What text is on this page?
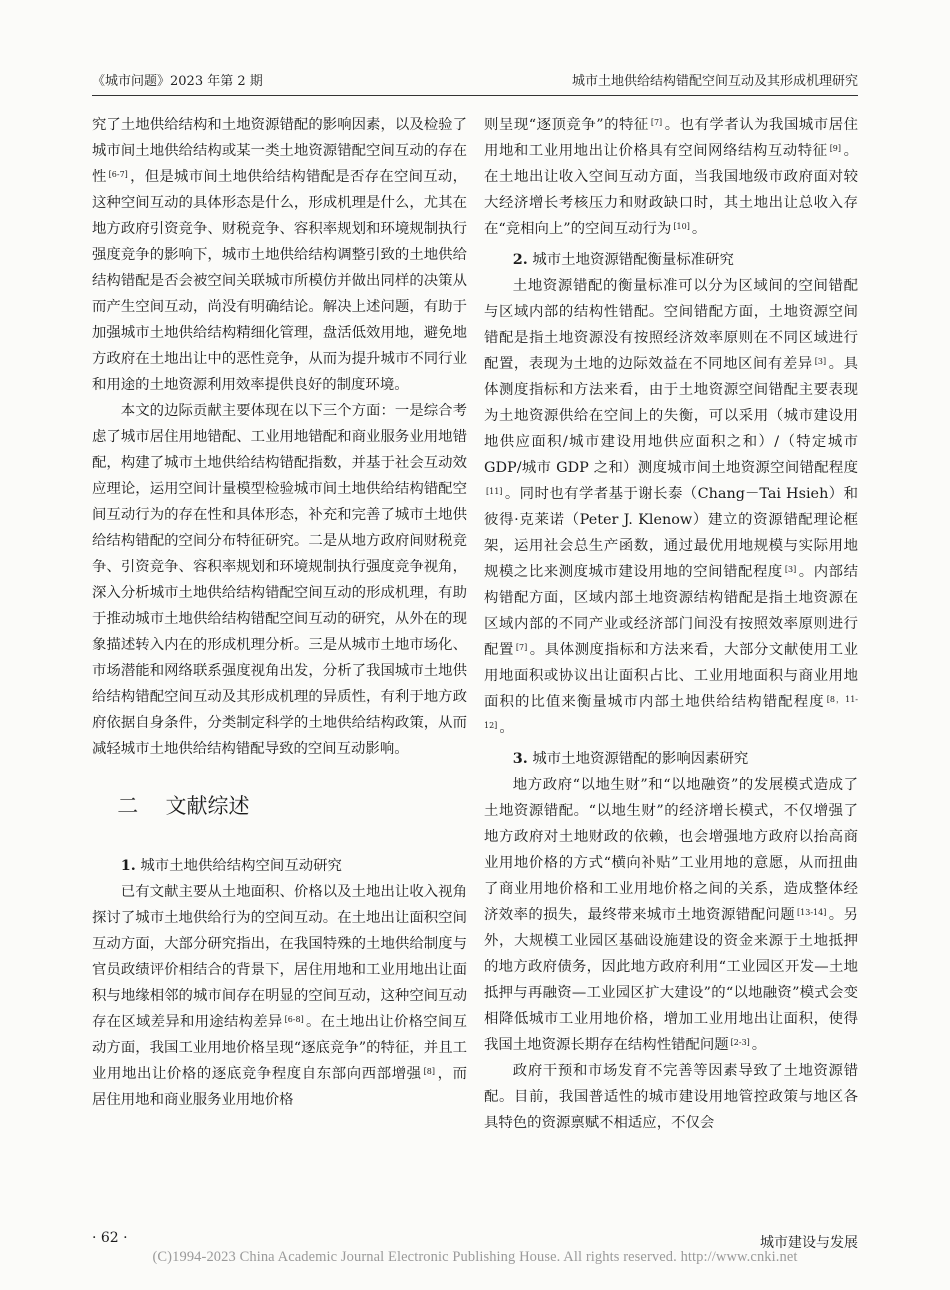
《城市问题》2023 年第 2 期	城市土地供给结构错配空间互动及其形成机理研究

究了土地供给结构和土地资源错配的影响因素，以及检验了城市间土地供给结构或某一类土地资源错配空间互动的存在性 [6-7] ，但是城市间土地供给结构错配是否存在空间互动，这种空间互动的具体形态是什么，形成机理是什么，尤其在地方政府引资竞争、财税竞争、容积率规划和环境规制执行强度竞争的影响下，城市土地供给结构调整引致的土地供给结构错配是否会被空间关联城市所模仿并做出同样的决策从而产生空间互动，尚没有明确结论。解决上述问题，有助于加强城市土地供给结构精细化管理，盘活低效用地，避免地方政府在土地出让中的恶性竞争，从而为提升城市不同行业和用途的土地资源利用效率提供良好的制度环境。

本文的边际贡献主要体现在以下三个方面：一是综合考虑了城市居住用地错配、工业用地错配和商业服务业用地错配，构建了城市土地供给结构错配指数，并基于社会互动效应理论，运用空间计量模型检验城市间土地供给结构错配空间互动行为的存在性和具体形态，补充和完善了城市土地供给结构错配的空间分布特征研究。二是从地方政府间财税竞争、引资竞争、容积率规划和环境规制执行强度竞争视角，深入分析城市土地供给结构错配空间互动的形成机理，有助于推动城市土地供给结构错配空间互动的研究，从外在的现象描述转入内在的形成机理分析。三是从城市土地市场化、市场潜能和网络联系强度视角出发，分析了我国城市土地供给结构错配空间互动及其形成机理的异质性，有利于地方政府依据自身条件，分类制定科学的土地供给结构政策，从而减轻城市土地供给结构错配导致的空间互动影响。

二 文献综述
1. 城市土地供给结构空间互动研究

已有文献主要从土地面积、价格以及土地出让收入视角探讨了城市土地供给行为的空间互动。在土地出让面积空间互动方面，大部分研究指出，在我国特殊的土地供给制度与官员政绩评价相结合的背景下，居住用地和工业用地出让面积与地缘相邻的城市间存在明显的空间互动，这种空间互动存在区域差异和用途结构差异 [6-8] 。在土地出让价格空间互动方面，我国工业用地价格呈现“逐底竞争”的特征，并且工业用地出让价格的逐底竞争程度自东部向西部增强 [8] ，而居住用地和商业服务业用地价格

则呈现“逐顶竞争”的特征 [7] 。也有学者认为我国城市居住用地和工业用地出让价格具有空间网络结构互动特征 [9] 。在土地出让收入空间互动方面，当我国地级市政府面对较大经济增长考核压力和财政缺口时，其土地出让总收入存在“竞相向上”的空间互动行为 [10] 。

2. 城市土地资源错配衡量标准研究

土地资源错配的衡量标准可以分为区域间的空间错配与区域内部的结构性错配。空间错配方面，土地资源空间错配是指土地资源没有按照经济效率原则在不同区域进行配置，表现为土地的边际效益在不同地区间有差异 [3] 。具体测度指标和方法来看，由于土地资源空间错配主要表现为土地资源供给在空间上的失衡，可以采用（城市建设用地供应面积/城市建设用地供应面积之和）/（特定城市GDP/城市 GDP 之和）测度城市间土地资源空间错配程度[11] 。同时也有学者基于谢长泰（Chang－Tai Hsieh）和彼得·克莱诺（Peter J. Klenow）建立的资源错配理论框架，运用社会总生产函数，通过最优用地规模与实际用地规模之比来测度城市建设用地的空间错配程度 [3] 。内部结构错配方面，区域内部土地资源结构错配是指土地资源在区域内部的不同产业或经济部门间没有按照效率原则进行配置 [7] 。具体测度指标和方法来看，大部分文献使用工业用地面积或协议出让面积占比、工业用地面积与商业用地面积的比值来衡量城市内部土地供给结构错配程度 [8，11-12] 。

3. 城市土地资源错配的影响因素研究

地方政府“以地生财”和“以地融资”的发展模式造成了土地资源错配。“以地生财”的经济增长模式，不仅增强了地方政府对土地财政的依赖，也会增强地方政府以抬高商业用地价格的方式“横向补贴”工业用地的意愿，从而扭曲了商业用地价格和工业用地价格之间的关系，造成整体经济效率的损失，最终带来城市土地资源错配问题 [13-14] 。另外，大规模工业园区基础设施建设的资金来源于土地抵押的地方政府债务，因此地方政府利用“工业园区开发—土地抵押与再融资—工业园区扩大建设”的“以地融资”模式会变相降低城市工业用地价格，增加工业用地出让面积，使得我国土地资源长期存在结构性错配问题 [2-3] 。

政府干预和市场发育不完善等因素导致了土地资源错配。目前，我国普适性的城市建设用地管控政策与地区各具特色的资源禀赋不相适应，不仅会

· 62 ·	城市建设与发展
(C)1994-2023 China Academic Journal Electronic Publishing House. All rights reserved. http://www.cnki.net
